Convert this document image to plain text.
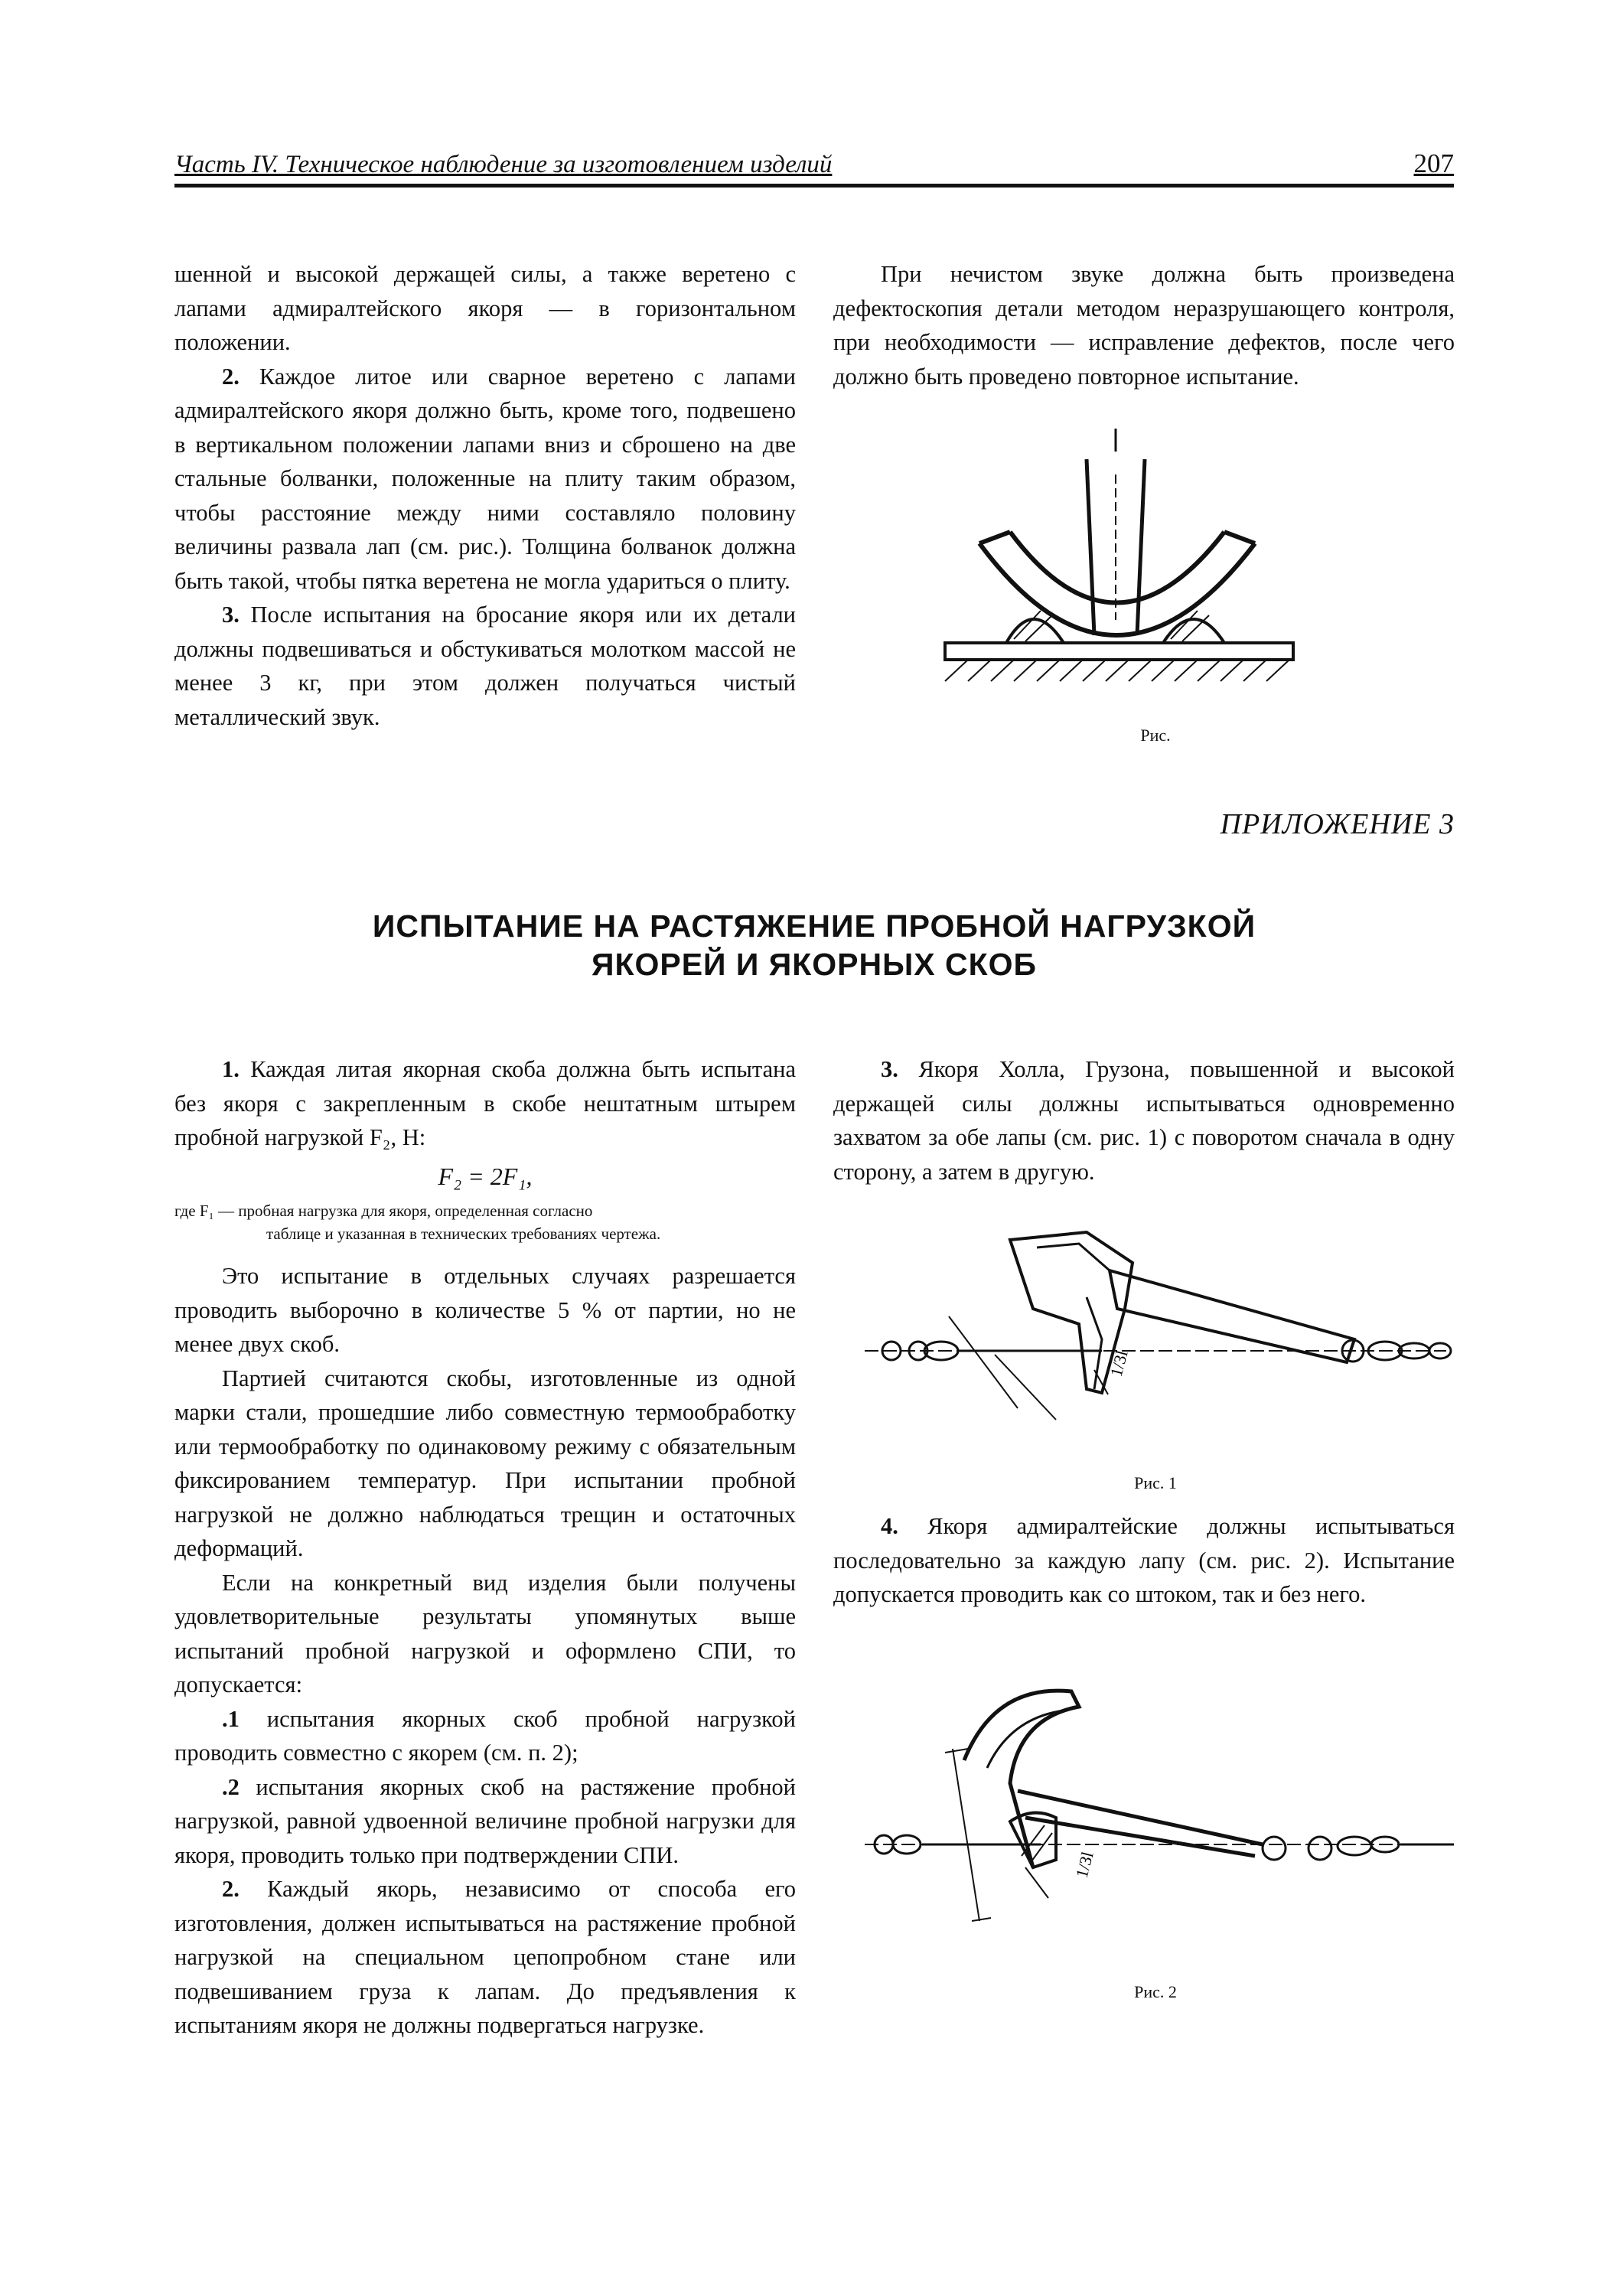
Часть IV. Техническое наблюдение за изготовлением изделий	207

шенной и высокой держащей силы, а также веретено с лапами адмиралтейского якоря — в горизонтальном положении.

2. Каждое литое или сварное веретено с лапами адмиралтейского якоря должно быть, кроме того, подвешено в вертикальном положении лапами вниз и сброшено на две стальные болванки, положенные на плиту таким образом, чтобы расстояние между ними составляло половину величины развала лап (см. рис.). Толщина болванок должна быть такой, чтобы пятка веретена не могла удариться о плиту.

3. После испытания на бросание якоря или их детали должны подвешиваться и обстукиваться молотком массой не менее 3 кг, при этом должен получаться чистый металлический звук.

При нечистом звуке должна быть произведена дефектоскопия детали методом неразрушающего контроля, при необходимости — исправление дефектов, после чего должно быть проведено повторное испытание.

Рис.
ПРИЛОЖЕНИЕ 3
ИСПЫТАНИЕ НА РАСТЯЖЕНИЕ ПРОБНОЙ НАГРУЗКОЙ
ЯКОРЕЙ И ЯКОРНЫХ СКОБ

1. Каждая литая якорная скоба должна быть испытана без якоря с закрепленным в скобе нештатным штырем пробной нагрузкой F₂, Н:

F₂ = 2F₁,
где F₁ — пробная нагрузка для якоря, определенная согласно
таблице и указанная в технических требованиях чертежа.

Это испытание в отдельных случаях разрешается проводить выборочно в количестве 5 % от партии, но не менее двух скоб.

Партией считаются скобы, изготовленные из одной марки стали, прошедшие либо совместную термообработку или термообработку по одинаковому режиму с обязательным фиксированием температур. При испытании пробной нагрузкой не должно наблюдаться трещин и остаточных деформаций.

Если на конкретный вид изделия были получены удовлетворительные результаты упомянутых выше испытаний пробной нагрузкой и оформлено СПИ, то допускается:

.1 испытания якорных скоб пробной нагрузкой проводить совместно с якорем (см. п. 2);

.2 испытания якорных скоб на растяжение пробной нагрузкой, равной удвоенной величине пробной нагрузки для якоря, проводить только при подтверждении СПИ.

2. Каждый якорь, независимо от способа его изготовления, должен испытываться на растяжение пробной нагрузкой на специальном цепопробном стане или подвешиванием груза к лапам. До предъявления к испытаниям якоря не должны подвергаться нагрузке.

3. Якоря Холла, Грузона, повышенной и высокой держащей силы должны испытываться одновременно захватом за обе лапы (см. рис. 1) с поворотом сначала в одну сторону, а затем в другую.

1/3l
Рис. 1

4. Якоря адмиралтейские должны испытываться последовательно за каждую лапу (см. рис. 2). Испытание допускается проводить как со штоком, так и без него.

1/3l
Рис. 2
